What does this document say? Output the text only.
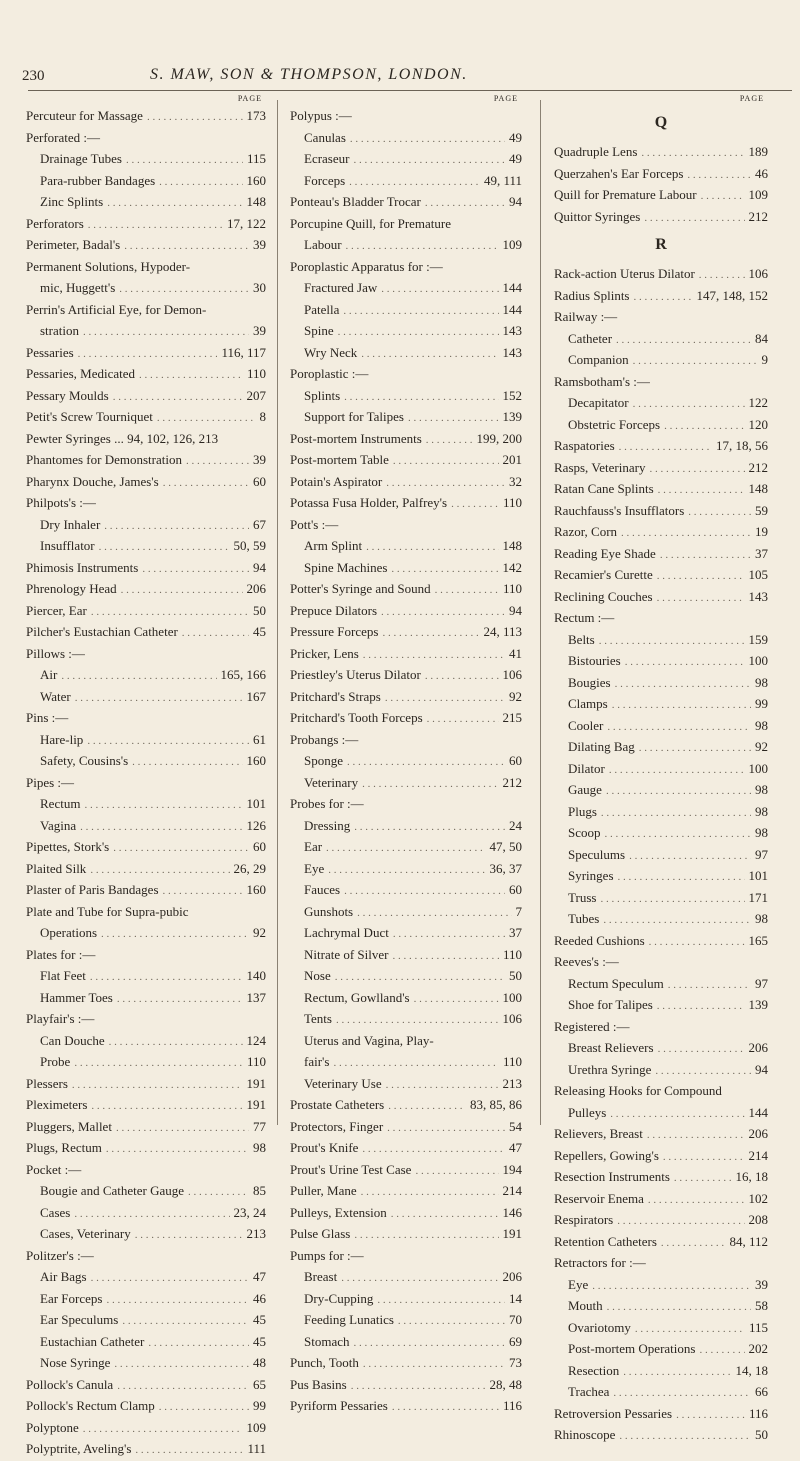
230	S. MAW, SON & THOMPSON, LONDON.
PAGE
Percuteur for Massage . . .	173
Perforated :—
Drainage Tubes . . .	115
Para-rubber Bandages . . .	160
Zinc Splints . . .	148
Perforators . . .	17, 122
Perimeter, Badal's . . .	39
Permanent Solutions, Hypoder-
mic, Huggett's . . .	30
Perrin's Artificial Eye, for Demon-
stration . . .	39
Pessaries . . .	116, 117
Pessaries, Medicated . . .	110
Pessary Moulds . . .	207
Petit's Screw Tourniquet . . .	8
Pewter Syringes ... 94, 102, 126, 213
Phantomes for Demonstration . . .	39
Pharynx Douche, James's . . .	60
Philpots's :—
Dry Inhaler . . .	67
Insufflator . . .	50, 59
Phimosis Instruments . . .	94
Phrenology Head . . .	206
Piercer, Ear . . .	50
Pilcher's Eustachian Catheter . . .	45
Pillows :—
Air . . .	165, 166
Water . . .	167
Pins :—
Hare-lip . . .	61
Safety, Cousins's . . .	160
Pipes :—
Rectum . . .	101
Vagina . . .	126
Pipettes, Stork's . . .	60
Plaited Silk . . .	26, 29
Plaster of Paris Bandages . . .	160
Plate and Tube for Supra-pubic
Operations . . .	92
Plates for :—
Flat Feet . . .	140
Hammer Toes . . .	137
Playfair's :—
Can Douche . . .	124
Probe . . .	110
Plessers . . .	191
Pleximeters . . .	191
Pluggers, Mallet . . .	77
Plugs, Rectum . . .	98
Pocket :—
Bougie and Catheter Gauge . . .	85
Cases . . .	23, 24
Cases, Veterinary . . .	213
Politzer's :—
Air Bags . . .	47
Ear Forceps . . .	46
Ear Speculums . . .	45
Eustachian Catheter . . .	45
Nose Syringe . . .	48
Pollock's Canula . . .	65
Pollock's Rectum Clamp . . .	99
Polyptone . . .	109
Polyptrite, Aveling's . . .	111
PAGE
Polypus :—
Canulas . . .	49
Ecraseur . . .	49
Forceps . . .	49, 111
Ponteau's Bladder Trocar . . .	94
Porcupine Quill, for Premature
Labour . . .	109
Poroplastic Apparatus for :—
Fractured Jaw . . .	144
Patella . . .	144
Spine . . .	143
Wry Neck . . .	143
Poroplastic :—
Splints . . .	152
Support for Talipes . . .	139
Post-mortem Instruments . . .	199, 200
Post-mortem Table . . .	201
Potain's Aspirator . . .	32
Potassa Fusa Holder, Palfrey's . . .	110
Pott's :—
Arm Splint . . .	148
Spine Machines . . .	142
Potter's Syringe and Sound . . .	110
Prepuce Dilators . . .	94
Pressure Forceps . . .	24, 113
Pricker, Lens . . .	41
Priestley's Uterus Dilator . . .	106
Pritchard's Straps . . .	92
Pritchard's Tooth Forceps . . .	215
Probangs :—
Sponge . . .	60
Veterinary . . .	212
Probes for :—
Dressing . . .	24
Ear . . .	47, 50
Eye . . .	36, 37
Fauces . . .	60
Gunshots . . .	7
Lachrymal Duct . . .	37
Nitrate of Silver . . .	110
Nose . . .	50
Rectum, Gowlland's . . .	100
Tents . . .	106
Uterus and Vagina, Play-
fair's . . .	110
Veterinary Use . . .	213
Prostate Catheters . . .	83, 85, 86
Protectors, Finger . . .	54
Prout's Knife . . .	47
Prout's Urine Test Case . . .	194
Puller, Mane . . .	214
Pulleys, Extension . . .	146
Pulse Glass . . .	191
Pumps for :—
Breast . . .	206
Dry-Cupping . . .	14
Feeding Lunatics . . .	70
Stomach . . .	69
Punch, Tooth . . .	73
Pus Basins . . .	28, 48
Pyriform Pessaries . . .	116
PAGE
Q
Quadruple Lens . . .	189
Querzahen's Ear Forceps . . .	46
Quill for Premature Labour . . .	109
Quittor Syringes . . .	212
R
Rack-action Uterus Dilator . . .	106
Radius Splints . . .	147, 148, 152
Railway :—
Catheter . . .	84
Companion . . .	9
Ramsbotham's :—
Decapitator . . .	122
Obstetric Forceps . . .	120
Raspatories . . .	17, 18, 56
Rasps, Veterinary . . .	212
Ratan Cane Splints . . .	148
Rauchfauss's Insufflators . . .	59
Razor, Corn . . .	19
Reading Eye Shade . . .	37
Recamier's Curette . . .	105
Reclining Couches . . .	143
Rectum :—
Belts . . .	159
Bistouries . . .	100
Bougies . . .	98
Clamps . . .	99
Cooler . . .	98
Dilating Bag . . .	92
Dilator . . .	100
Gauge . . .	98
Plugs . . .	98
Scoop . . .	98
Speculums . . .	97
Syringes . . .	101
Truss . . .	171
Tubes . . .	98
Reeded Cushions . . .	165
Reeves's :—
Rectum Speculum . . .	97
Shoe for Talipes . . .	139
Registered :—
Breast Relievers . . .	206
Urethra Syringe . . .	94
Releasing Hooks for Compound
Pulleys . . .	144
Relievers, Breast . . .	206
Repellers, Gowing's . . .	214
Resection Instruments . . .	16, 18
Reservoir Enema . . .	102
Respirators . . .	208
Retention Catheters . . .	84, 112
Retractors for :—
Eye . . .	39
Mouth . . .	58
Ovariotomy . . .	115
Post-mortem Operations . . .	202
Resection . . .	14, 18
Trachea . . .	66
Retroversion Pessaries . . .	116
Rhinoscope . . .	50
